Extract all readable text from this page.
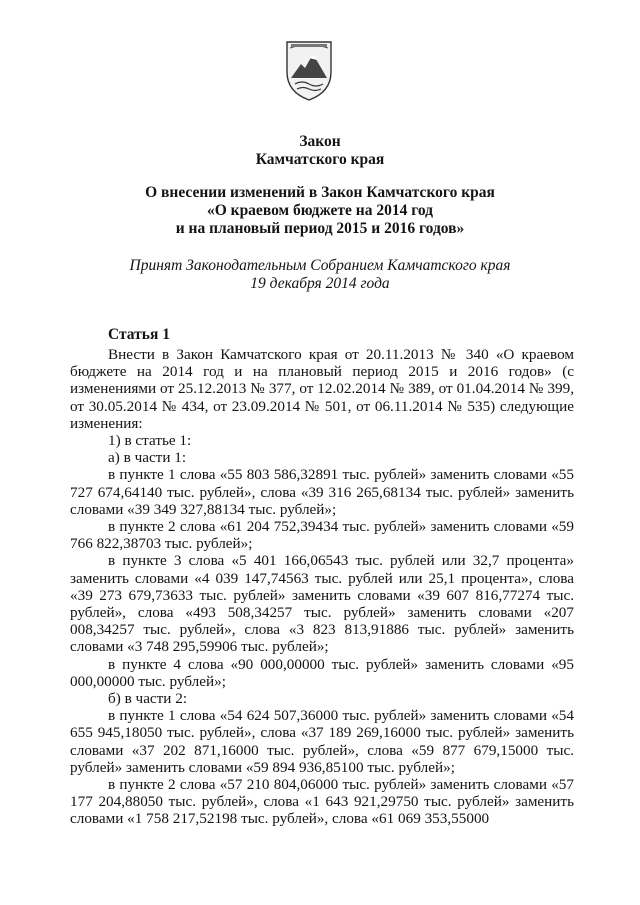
Закон
Камчатского края
О внесении изменений в Закон Камчатского края
«О краевом бюджете на 2014 год
и на плановый период 2015 и 2016 годов»
Принят Законодательным Собранием Камчатского края
19 декабря 2014 года
Статья 1

Внести в Закон Камчатского края от 20.11.2013 № 340 «О краевом бюджете на 2014 год и на плановый период 2015 и 2016 годов» (с изменениями от 25.12.2013 № 377, от 12.02.2014 № 389, от 01.04.2014 № 399, от 30.05.2014 № 434, от 23.09.2014 № 501, от 06.11.2014 № 535) следующие изменения:

1) в статье 1:

а) в части 1:

в пункте 1 слова «55 803 586,32891 тыс. рублей» заменить словами «55 727 674,64140 тыс. рублей», слова «39 316 265,68134 тыс. рублей» заменить словами «39 349 327,88134 тыс. рублей»;

в пункте 2 слова «61 204 752,39434 тыс. рублей» заменить словами «59 766 822,38703 тыс. рублей»;

в пункте 3 слова «5 401 166,06543 тыс. рублей или 32,7 процента» заменить словами «4 039 147,74563 тыс. рублей или 25,1 процента», слова «39 273 679,73633 тыс. рублей» заменить словами «39 607 816,77274 тыс. рублей», слова «493 508,34257 тыс. рублей» заменить словами «207 008,34257 тыс. рублей», слова «3 823 813,91886 тыс. рублей» заменить словами «3 748 295,59906 тыс. рублей»;

в пункте 4 слова «90 000,00000 тыс. рублей» заменить словами «95 000,00000 тыс. рублей»;

б) в части 2:

в пункте 1 слова «54 624 507,36000 тыс. рублей» заменить словами «54 655 945,18050 тыс. рублей», слова «37 189 269,16000 тыс. рублей» заменить словами «37 202 871,16000 тыс. рублей», слова «59 877 679,15000 тыс. рублей» заменить словами «59 894 936,85100 тыс. рублей»;

в пункте 2 слова «57 210 804,06000 тыс. рублей» заменить словами «57 177 204,88050 тыс. рублей», слова «1 643 921,29750 тыс. рублей» заменить словами «1 758 217,52198 тыс. рублей», слова «61 069 353,55000
